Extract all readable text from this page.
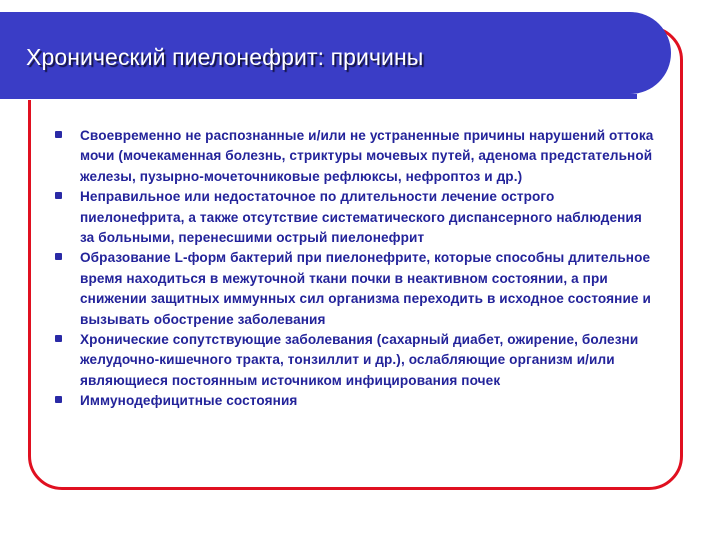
Хронический пиелонефрит: причины
Своевременно не распознанные и/или не устраненные причины нарушений оттока мочи (мочекаменная болезнь, стриктуры мочевых путей, аденома предстательной железы, пузырно-мочеточниковые рефлюксы, нефроптоз и др.)
Неправильное или недостаточное по длительности лечение острого пиелонефрита, а также отсутствие систематического диспансерного наблюдения за больными, перенесшими острый пиелонефрит
Образование L-форм бактерий при пиелонефрите, которые способны длительное время находиться в межуточной ткани почки в неактивном состоянии, а при снижении защитных иммунных сил организма переходить в исходное состояние и вызывать обострение заболевания
Хронические сопутствующие заболевания (сахарный диабет, ожирение, болезни желудочно-кишечного тракта, тонзиллит и др.), ослабляющие организм и/или являющиеся постоянным источником инфицирования почек
Иммунодефицитные состояния
